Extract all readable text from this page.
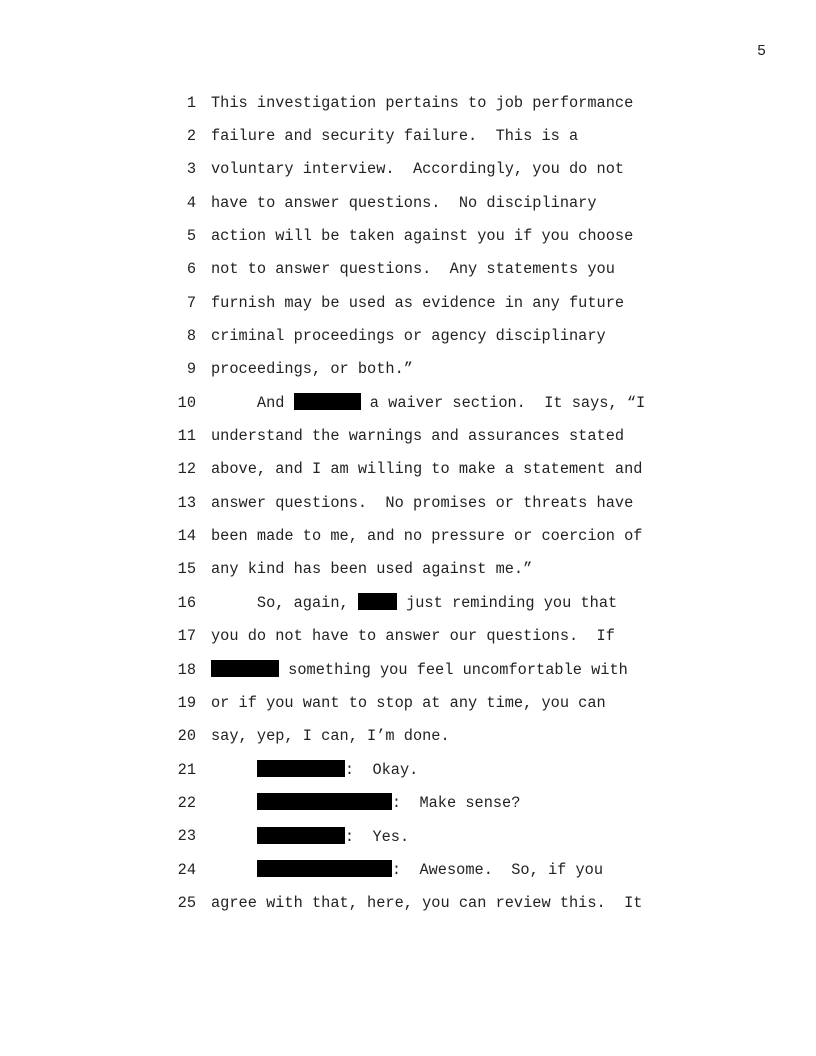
5
1 This investigation pertains to job performance
2 failure and security failure.  This is a
3 voluntary interview.  Accordingly, you do not
4 have to answer questions.  No disciplinary
5 action will be taken against you if you choose
6 not to answer questions.  Any statements you
7 furnish may be used as evidence in any future
8 criminal proceedings or agency disciplinary
9 proceedings, or both.”
10 And	a waiver section.  It says, “I
11 understand the warnings and assurances stated
12 above, and I am willing to make a statement and
13 answer questions.  No promises or threats have
14 been made to me, and no pressure or coercion of
15 any kind has been used against me.”
16 So, again,	just reminding you that
17 you do not have to answer our questions.  If
18	something you feel uncomfortable with
19 or if you want to stop at any time, you can
20 say, yep, I can, I’m done.
21	:  Okay.
22	:  Make sense?
23	:  Yes.
24	:  Awesome.  So, if you
25 agree with that, here, you can review this.  It
